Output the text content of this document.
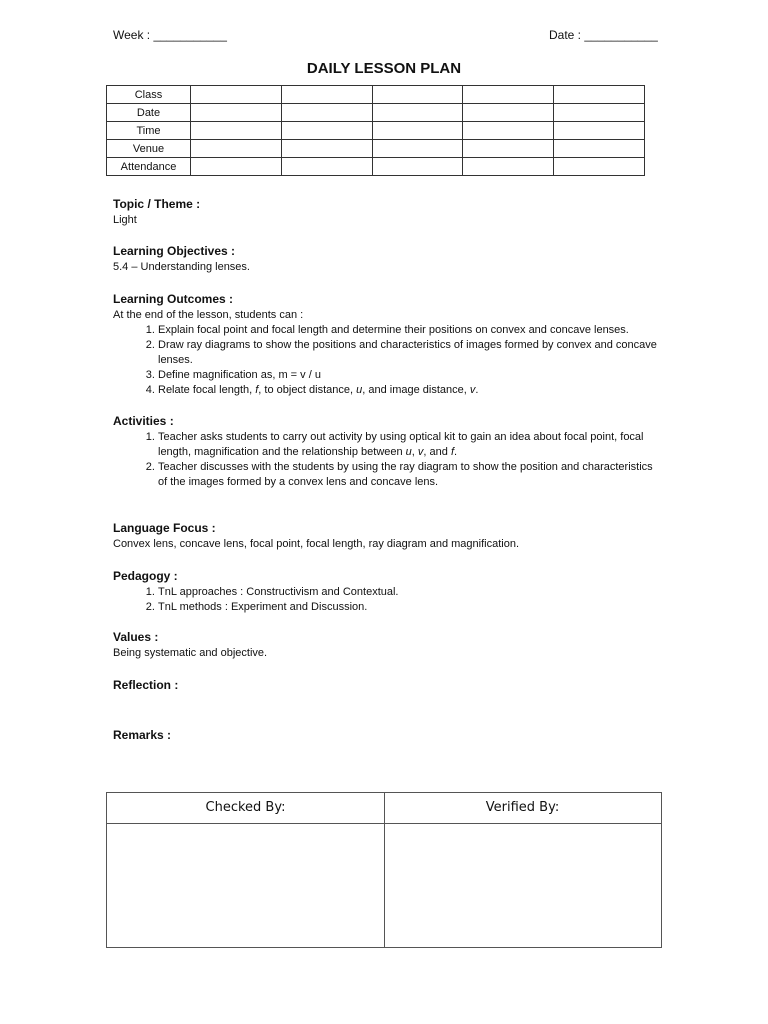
Week : ___________	Date : ___________
DAILY LESSON PLAN
Class					
Date					
Time					
Venue					
Attendance					
Topic / Theme :
Light
Learning Objectives :
5.4 – Understanding lenses.
Learning Outcomes :
At the end of the lesson, students can :
1. Explain focal point and focal length and determine their positions on convex and concave lenses.
2. Draw ray diagrams to show the positions and characteristics of images formed by convex and concave lenses.
3. Define magnification as, m = v / u
4. Relate focal length, f, to object distance, u, and image distance, v.
Activities :
1. Teacher asks students to carry out activity by using optical kit to gain an idea about focal point, focal length, magnification and the relationship between u, v, and f.
2. Teacher discusses with the students by using the ray diagram to show the position and characteristics of the images formed by a convex lens and concave lens.
Language Focus :
Convex lens, concave lens, focal point, focal length, ray diagram and magnification.
Pedagogy :
1. TnL approaches : Constructivism and Contextual.
2. TnL methods : Experiment and Discussion.
Values :
Being systematic and objective.
Reflection :
Remarks :
Checked By:	Verified By:
